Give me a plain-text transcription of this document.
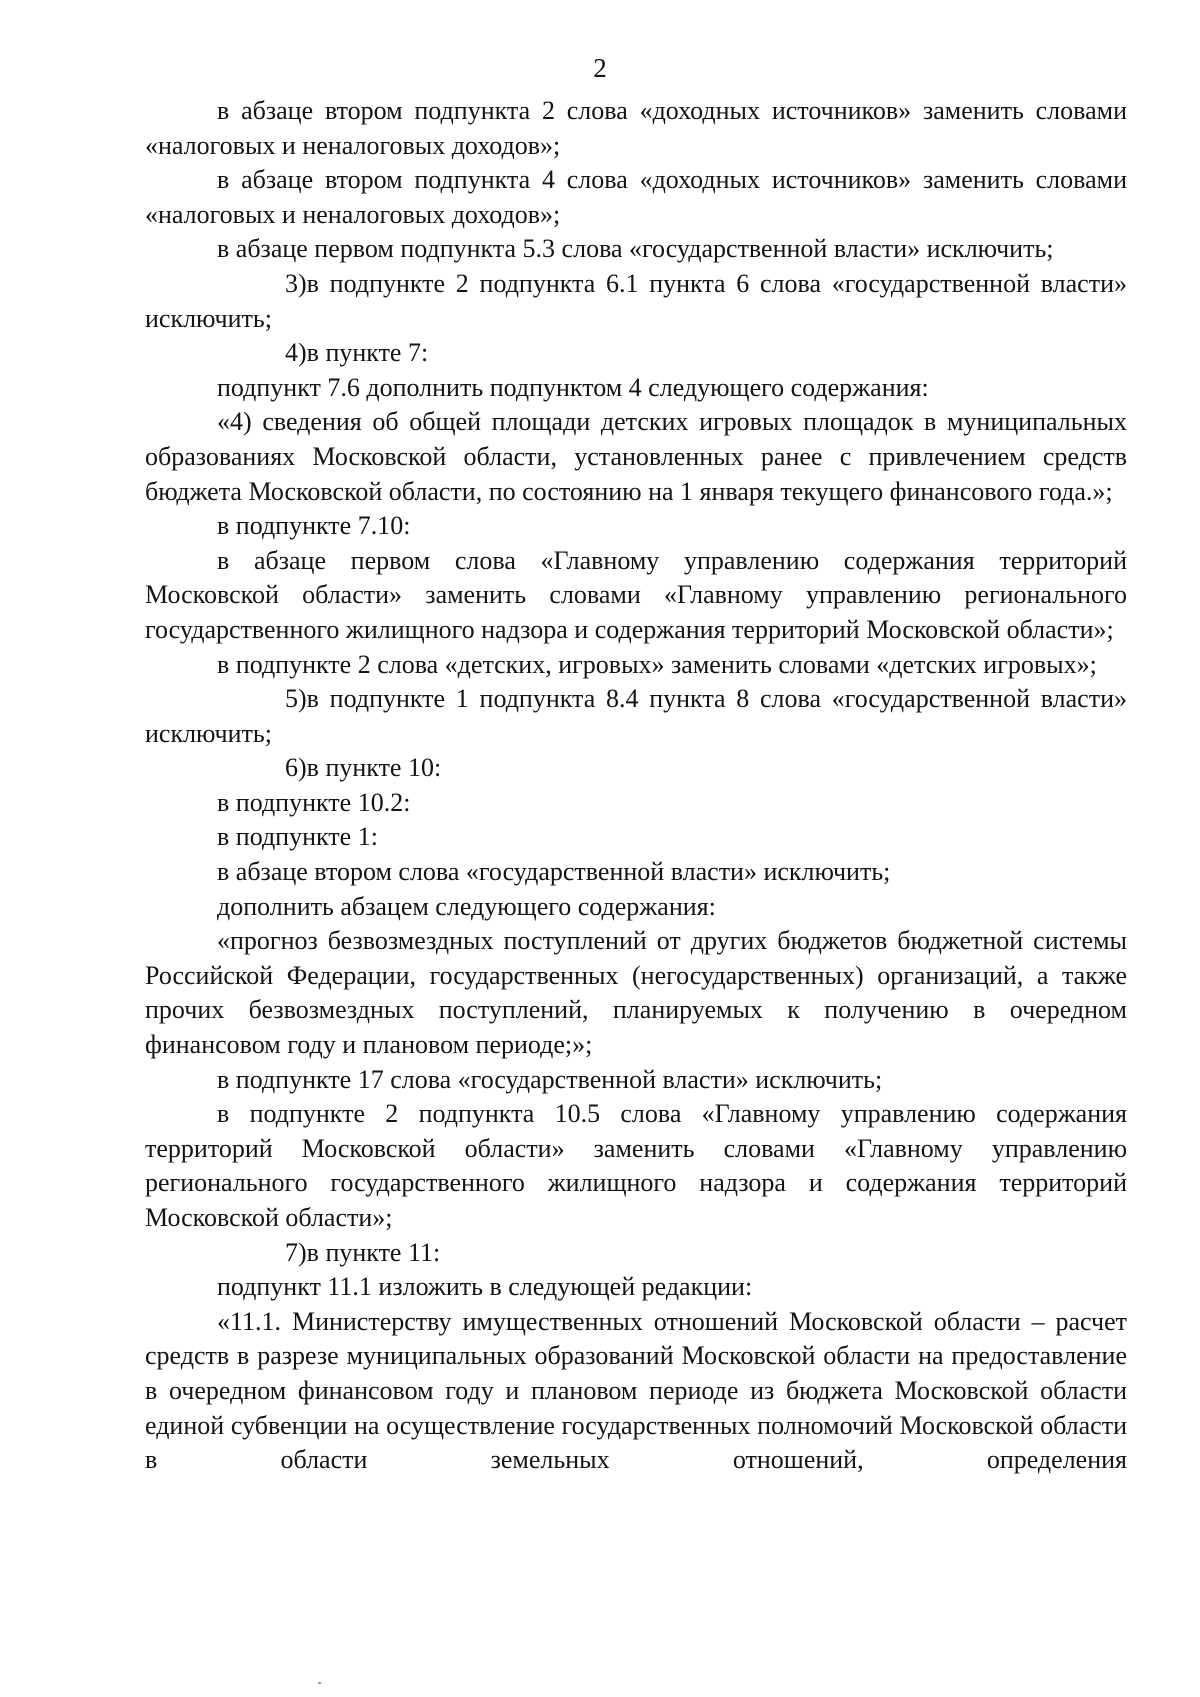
2

в абзаце втором подпункта 2 слова «доходных источников» заменить словами «налоговых и неналоговых доходов»;

в абзаце втором подпункта 4 слова «доходных источников» заменить словами «налоговых и неналоговых доходов»;

в абзаце первом подпункта 5.3 слова «государственной власти» исключить;

3)в подпункте 2 подпункта 6.1 пункта 6 слова «государственной власти» исключить;

4)в пункте 7:

подпункт 7.6 дополнить подпунктом 4 следующего содержания:

«4) сведения об общей площади детских игровых площадок в муниципальных образованиях Московской области, установленных ранее с привлечением средств бюджета Московской области, по состоянию на 1 января текущего финансового года.»;

в подпункте 7.10:

в абзаце первом слова «Главному управлению содержания территорий Московской области» заменить словами «Главному управлению регионального государственного жилищного надзора и содержания территорий Московской области»;

в подпункте 2 слова «детских, игровых» заменить словами «детских игровых»;

5)в подпункте 1 подпункта 8.4 пункта 8 слова «государственной власти» исключить;

6)в пункте 10:

в подпункте 10.2:

в подпункте 1:

в абзаце втором слова «государственной власти» исключить;

дополнить абзацем следующего содержания:

«прогноз безвозмездных поступлений от других бюджетов бюджетной системы Российской Федерации, государственных (негосударственных) организаций, а также прочих безвозмездных поступлений, планируемых к получению в очередном финансовом году и плановом периоде;»;

в подпункте 17 слова «государственной власти» исключить;

в подпункте 2 подпункта 10.5 слова «Главному управлению содержания территорий Московской области» заменить словами «Главному управлению регионального государственного жилищного надзора и содержания территорий Московской области»;

7)в пункте 11:

подпункт 11.1 изложить в следующей редакции:

«11.1. Министерству имущественных отношений Московской области – расчет средств в разрезе муниципальных образований Московской области на предоставление в очередном финансовом году и плановом периоде из бюджета Московской области единой субвенции на осуществление государственных полномочий Московской области в области земельных отношений, определения
